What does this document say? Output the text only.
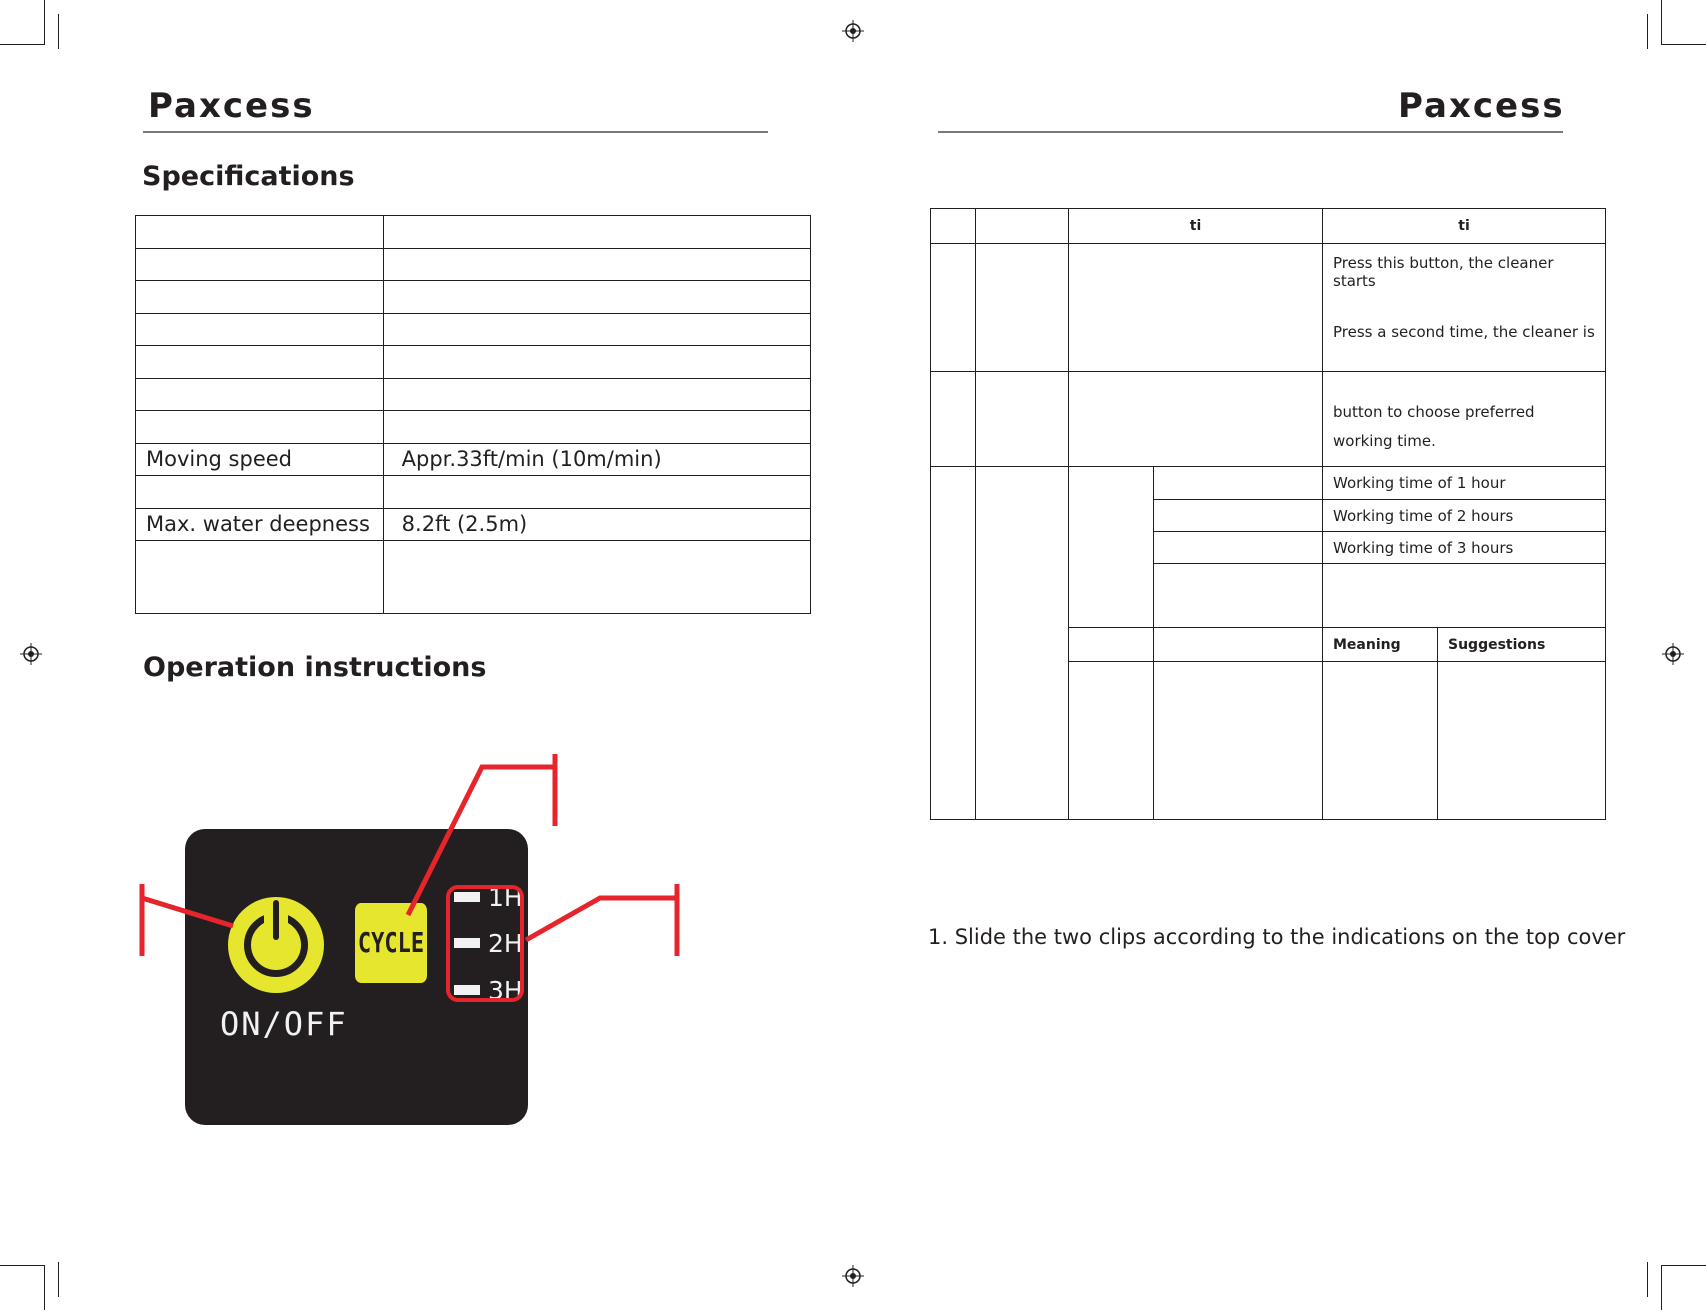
Paxcess	Paxcess
Specifications

Moving speed	Appr.33ft/min (10m/min)

Max. water deepness	8.2ft (2.5m)

Operation instructions
ON/OFF
CYCLE
1H
2H
3H
		ti		ti	

				Press this button, the cleaner starts
Press a second time, the cleaner is	

				button to choose preferred
working time.	

				Working time of 1 hour	
				Working time of 2 hours	
				Working time of 3 hours	

				Meaning	Suggestions

1. Slide the two clips according to the indications on the top cover
